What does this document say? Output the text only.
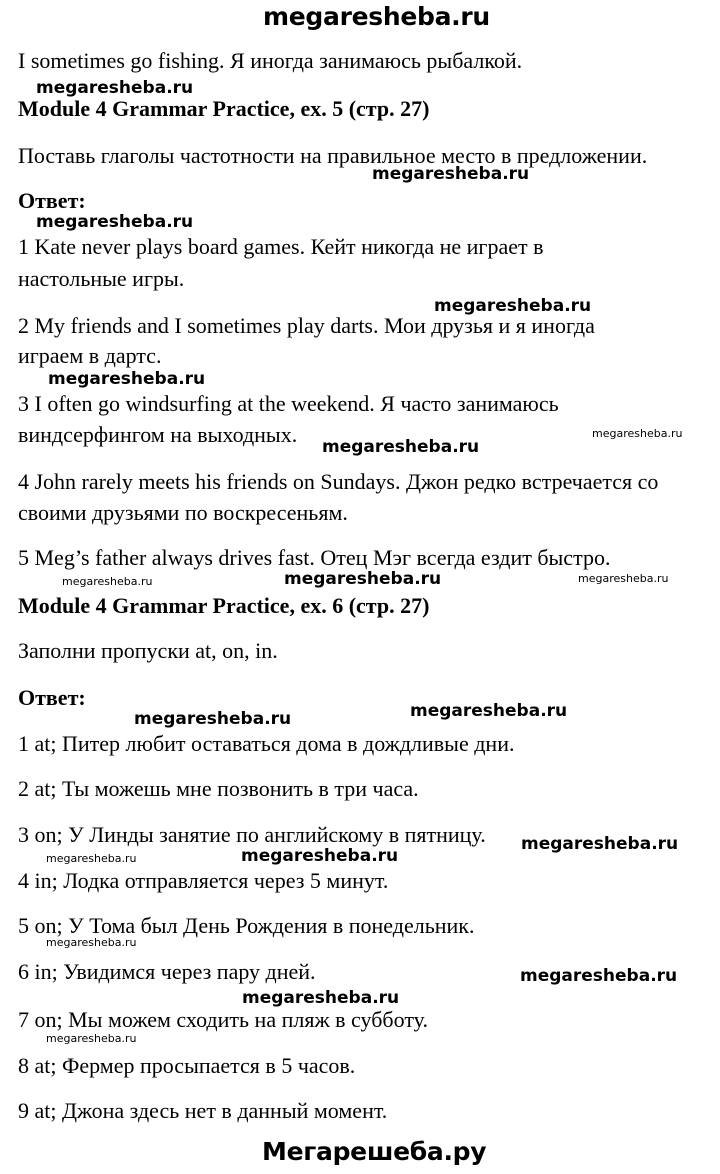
megaresheba.ru
Мегарешеба.ру
I sometimes go fishing. Я иногда занимаюсь рыбалкой.
Module 4 Grammar Practice, ex. 5 (стр. 27)
Поставь глаголы частотности на правильное место в предложении.
Ответ:
1 Kate never plays board games. Кейт никогда не играет в
настольные игры.
2 My friends and I sometimes play darts. Мои друзья и я иногда
играем в дартс.
3 I often go windsurfing at the weekend. Я часто занимаюсь
виндсерфингом на выходных.
4 John rarely meets his friends on Sundays. Джон редко встречается со
своими друзьями по воскресеньям.
5 Meg’s father always drives fast. Отец Мэг всегда ездит быстро.
Module 4 Grammar Practice, ex. 6 (стр. 27)
Заполни пропуски at, on, in.
Ответ:
1 at; Питер любит оставаться дома в дождливые дни.
2 at; Ты можешь мне позвонить в три часа.
3 on; У Линды занятие по английскому в пятницу.
4 in; Лодка отправляется через 5 минут.
5 on; У Тома был День Рождения в понедельник.
6 in; Увидимся через пару дней.
7 on; Мы можем сходить на пляж в субботу.
8 at; Фермер просыпается в 5 часов.
9 at; Джона здесь нет в данный момент.
megaresheba.ru
megaresheba.ru
megaresheba.ru
megaresheba.ru
megaresheba.ru
megaresheba.ru
megaresheba.ru
megaresheba.ru	megaresheba.ru
megaresheba.ru
megaresheba.ru
megaresheba.ru
megaresheba.ru
megaresheba.ru
megaresheba.ru	megaresheba.ru
megaresheba.ru
megaresheba.ru
megaresheba.ru
